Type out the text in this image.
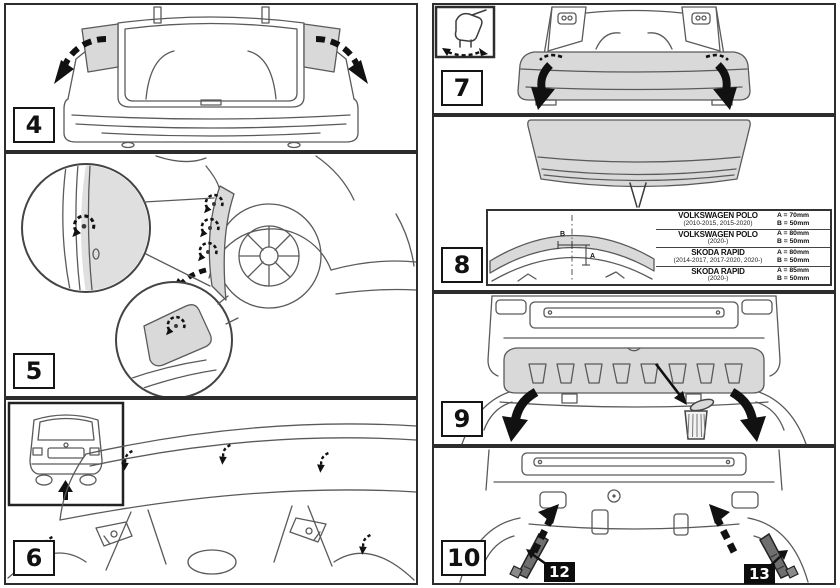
4
5
6
7
B
A
VOLKSWAGEN POLO
(2010-2015, 2015-2020)
A = 70mm
B = 50mm
VOLKSWAGEN POLO
(2020-)
A = 80mm
B = 50mm
SKODA RAPID
(2014-2017, 2017-2020, 2020-)
A = 80mm
B = 50mm
SKODA RAPID
(2020-)
A = 85mm
B = 50mm
8
9
12	13
10
